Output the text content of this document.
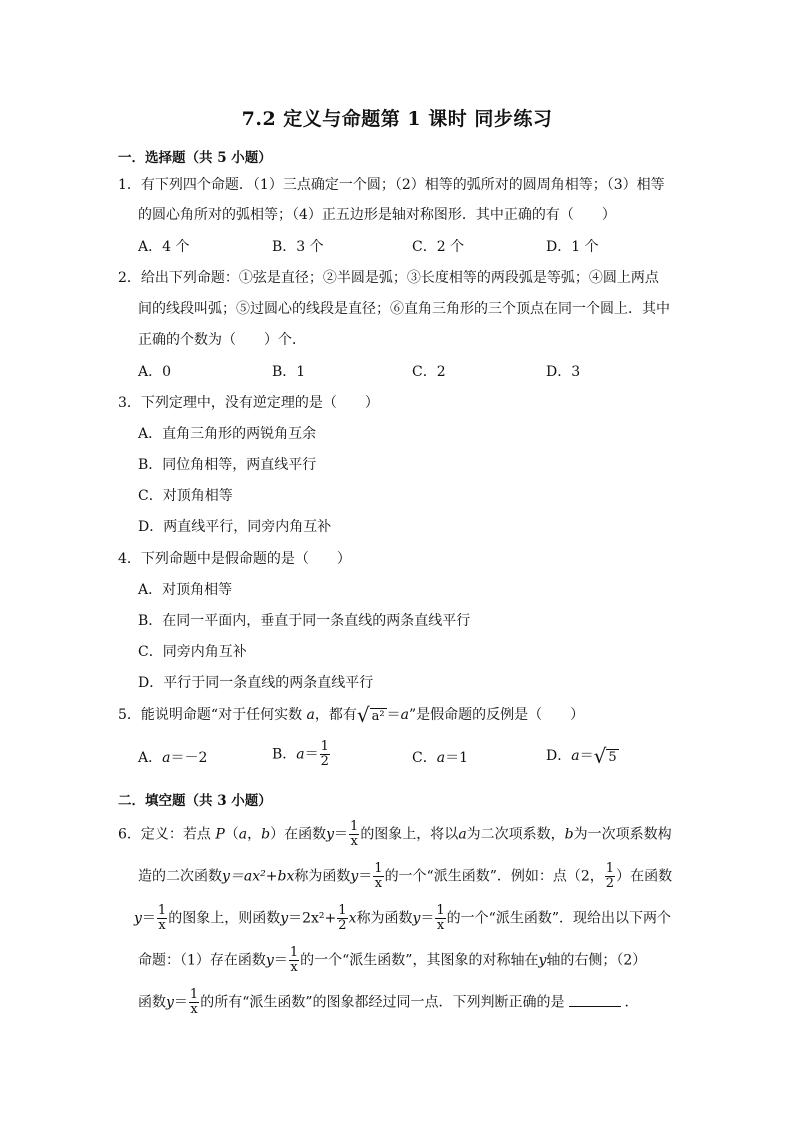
7.2 定义与命题第 1 课时 同步练习
一．选择题（共 5 小题）
1．有下列四个命题．（1）三点确定一个圆；（2）相等的弧所对的圆周角相等；（3）相等
的圆心角所对的弧相等；（4）正五边形是轴对称图形．其中正确的有（　　）
A．4 个	B．3 个	C．2 个	D．1 个
2．给出下列命题：①弦是直径；②半圆是弧；③长度相等的两段弧是等弧；④圆上两点
间的线段叫弧；⑤过圆心的线段是直径；⑥直角三角形的三个顶点在同一个圆上．其中
正确的个数为（　　）个．
A．0	B．1	C．2	D．3
3．下列定理中，没有逆定理的是（　　）
A．直角三角形的两锐角互余
B．同位角相等，两直线平行
C．对顶角相等
D．两直线平行，同旁内角互补
4．下列命题中是假命题的是（　　）
A．对顶角相等
B．在同一平面内，垂直于同一条直线的两条直线平行
C．同旁内角互补
D．平行于同一条直线的两条直线平行
5．能说明命题“对于任何实数 a，都有 √ a² ＝a”是假命题的反例是（　　）
A．a＝－2	B．$a= \frac{1}{2}$	C．a＝1	D．a＝ √ 5
二．填空题（共 3 小题）
6．定义：若点 P（a，b）在函数$y= \frac{1}{x}$ 的图象上，将以a为二次项系数，b为一次项系数构
造的二次函数y＝ax²+bx称为函数$y= \frac{1}{x}$ 的一个“派生函数”．例如：点（2， $\frac{1}{2}$ ）在函数
$y= \frac{1}{x}$ 的图象上，则函数$y=2x^2+ \frac{1}{2}$ x称为函数$y= \frac{1}{x}$ 的一个“派生函数”．现给出以下两个
命题：（1）存在函数$y= \frac{1}{x}$ 的一个“派生函数”，其图象的对称轴在y轴的右侧；（2）
函数$y= \frac{1}{x}$ 的所有“派生函数”的图象都经过同一点．下列判断正确的是	．
